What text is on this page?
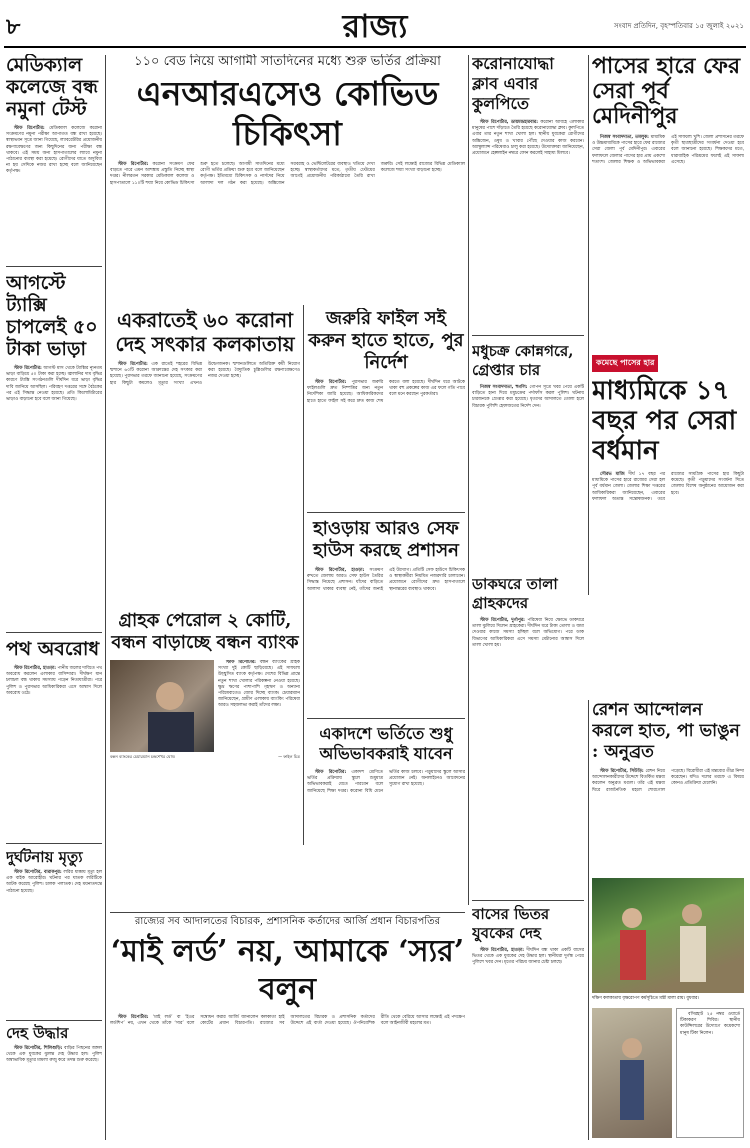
৮	রাজ্য	সংবাদ প্রতিদিন, বৃহস্পতিবার ১৫ জুলাই ২০২১
মেডিক্যাল কলেজে বন্ধ নমুনা টেস্ট

স্টাফ রিপোর্টার: মেডিক্যাল কলেজে করোনা সংক্রমণের নমুনা পরীক্ষা আপাতত বন্ধ রাখা হয়েছে। স্বাস্থ্যভবন সূত্রে জানা গিয়েছে, ল্যাবরেটরির প্রয়োজনীয় রক্ষণাবেক্ষণের জন্য কিছুদিনের জন্য পরীক্ষা বন্ধ থাকবে। এই সময় অন্য হাসপাতালের ল্যাবে নমুনা পাঠানোর ব্যবস্থা করা হয়েছে। রোগীদের যাতে অসুবিধা না হয় সেদিকে নজর রাখা হচ্ছে বলে জানিয়েছেন কর্তৃপক্ষ।

আগস্টে ট্যাক্সি চাপলেই ৫০ টাকা ভাড়া

স্টাফ রিপোর্টার: আগস্ট মাস থেকে ট্যাক্সির ন্যূনতম ভাড়া বাড়িয়ে ৫০ টাকা করা হচ্ছে। জ্বালানির দাম বৃদ্ধির কারণে ট্যাক্সি সংগঠনগুলি দীর্ঘদিন ধরে ভাড়া বৃদ্ধির দাবি জানিয়ে আসছিল। পরিবহণ দপ্তরের সঙ্গে বৈঠকের পর এই সিদ্ধান্ত নেওয়া হয়েছে। প্রতি কিলোমিটারের ভাড়াও বাড়ানো হবে বলে জানা গিয়েছে।

পথ অবরোধ

স্টাফ রিপোর্টার, হাওড়া: পানীয় জলের দাবিতে পথ অবরোধ করলেন এলাকার বাসিন্দারা। দীর্ঘক্ষণ যান চলাচল বন্ধ থাকায় সমস্যায় পড়েন নিত্যযাত্রীরা। পরে পুলিশ ও পুরসভার আধিকারিকরা এসে আশ্বাস দিলে অবরোধ ওঠে।

দুর্ঘটনায় মৃত্যু

স্টাফ রিপোর্টার, বারাকপুর: লরির ধাক্কায় মৃত্যু হল এক বাইক আরোহীর। ঘটনার পর ঘাতক লরিটিকে আটক করেছে পুলিশ। চালক পলাতক। দেহ ময়নাতদন্তে পাঠানো হয়েছে।

দেহ উদ্ধার

স্টাফ রিপোর্টার, শিলিগুড়ি: বাড়ির পিছনের জঙ্গল থেকে এক যুবকের ঝুলন্ত দেহ উদ্ধার হল। পুলিশ অস্বাভাবিক মৃত্যুর মামলা রুজু করে তদন্ত শুরু করেছে।

১১০ বেড নিয়ে আগামী সাতদিনের মধ্যে শুরু ভর্তির প্রক্রিয়া
এনআরএসেও কোভিড চিকিৎসা

স্টাফ রিপোর্টার: করোনা সংক্রমণ ফের বাড়তে পারে এমন আশঙ্কায় প্রস্তুতি নিচ্ছে স্বাস্থ্য দপ্তর। নীলরতন সরকার মেডিক্যাল কলেজ ও হাসপাতালে ১১০টি শয্যা নিয়ে কোভিড চিকিৎসা শুরু হতে চলেছে। আগামী সাতদিনের মধ্যে রোগী ভর্তির প্রক্রিয়া শুরু হবে বলে জানিয়েছেন কর্তৃপক্ষ। ইতিমধ্যে চিকিৎসক ও নার্সদের নিয়ে আলাদা দল গঠন করা হয়েছে। অক্সিজেন সরবরাহ ও ভেন্টিলেটরের ব্যবস্থাও খতিয়ে দেখা হচ্ছে। স্বাস্থ্যকর্তাদের মতে, তৃতীয় ঢেউয়ের আগেই প্রয়োজনীয় পরিকাঠামো তৈরি রাখা জরুরি। সেই লক্ষ্যেই রাজ্যের বিভিন্ন মেডিক্যাল কলেজে শয্যা সংখ্যা বাড়ানো হচ্ছে।

করোনাযোদ্ধা ক্লাব এবার কুলপিতে

স্টাফ রিপোর্টার, ডায়মন্ডহারবার: করোনা আবহে এলাকার মানুষের পাশে দাঁড়াতে তৈরি হয়েছে করোনাযোদ্ধা ক্লাব। কুলপিতে এবার তার নতুন শাখা খোলা হল। স্থানীয় যুবকেরা রোগীদের অক্সিজেন, ওষুধ ও খাবার পৌঁছে দেওয়ার কাজ করবেন। অ্যাম্বুল্যান্স পরিষেবাও চালু করা হয়েছে। উদ্যোক্তারা জানিয়েছেন, প্রয়োজনে হেল্পলাইন নম্বরে ফোন করলেই সাহায্য মিলবে।

মধুচক্র কোন্নগরে, গ্রেপ্তার চার

নিজস্ব সংবাদদাতা, হুগলি: গোপন সূত্রে খবর পেয়ে একটি বাড়িতে হানা দিয়ে মধুচক্রের পর্দাফাঁস করল পুলিশ। ঘটনায় চারজনকে গ্রেপ্তার করা হয়েছে। ধৃতদের আদালতে তোলা হলে বিচারক পুলিশি হেফাজতের নির্দেশ দেন।

পাসের হারে ফের সেরা পূর্ব মেদিনীপুর

নিজস্ব সংবাদদাতা, তমলুক: মাধ্যমিক ও উচ্চমাধ্যমিকে পাসের হারে ফের রাজ্যের সেরা জেলা পূর্ব মেদিনীপুর। এবারের ফলাফলে জেলার পাসের হার প্রায় একশো শতাংশ। জেলার শিক্ষক ও অভিভাবকরা এই সাফল্যে খুশি। জেলা প্রশাসনের তরফে কৃতী ছাত্রছাত্রীদের সংবর্ধনা দেওয়া হবে বলে জানানো হয়েছে। শিক্ষকদের মতে, ধারাবাহিক পরিশ্রমের ফলেই এই সাফল্য এসেছে।

কমেছে পাসের হার
মাধ্যমিকে ১৭ বছর পর সেরা বর্ধমান

সৌরভ মাজি দীর্ঘ ১৭ বছর পর মাধ্যমিকে পাসের হারে রাজ্যের সেরা হল পূর্ব বর্ধমান জেলা। জেলার শিক্ষা দপ্তরের আধিকারিকরা জানিয়েছেন, এবারের ফলাফল অত্যন্ত সন্তোষজনক। তবে রাজ্যের সামগ্রিক পাসের হার কিছুটা কমেছে। কৃতী পড়ুয়াদের সংবর্ধনা দিতে জেলায় বিশেষ অনুষ্ঠানের আয়োজন করা হবে।

একরাতেই ৬০ করোনা দেহ সৎকার কলকাতায়

স্টাফ রিপোর্টার: এক রাতেই শহরের বিভিন্ন শ্মশানে ৬০টি করোনা আক্রান্তের দেহ সৎকার করা হয়েছে। পুরসভার তরফে জানানো হয়েছে, সংক্রমণের হার কিছুটা কমলেও মৃত্যুর সংখ্যা এখনও উদ্বেগজনক। শ্মশানগুলিতে অতিরিক্ত কর্মী নিয়োগ করা হয়েছে। বৈদ্যুতিক চুল্লিগুলির রক্ষণাবেক্ষণেও নজর দেওয়া হচ্ছে।

জরুরি ফাইল সই করুন হাতে হাতে, পুর নির্দেশ

স্টাফ রিপোর্টার: পুরসভার জরুরি ফাইলগুলি দ্রুত নিষ্পত্তির জন্য নতুন নির্দেশিকা জারি হয়েছে। আধিকারিকদের হাতে হাতে ফাইল সই করে দ্রুত কাজ শেষ করতে বলা হয়েছে। দীর্ঘদিন ধরে আটকে থাকা বহু প্রকল্পের কাজ এর ফলে গতি পাবে বলে মনে করছেন পুরকর্তারা।

হাওড়ায় আরও সেফ হাউস করছে প্রশাসন

স্টাফ রিপোর্টার, হাওড়া: সংক্রমণ রুখতে জেলায় আরও সেফ হাউস তৈরির সিদ্ধান্ত নিয়েছে প্রশাসন। যাঁদের বাড়িতে আলাদা থাকার ব্যবস্থা নেই, তাঁদের জন্যই এই উদ্যোগ। প্রতিটি সেফ হাউসে চিকিৎসক ও স্বাস্থ্যকর্মীরা নিয়মিত নজরদারি চালাবেন। প্রয়োজনে রোগীদের দ্রুত হাসপাতালে স্থানান্তরের ব্যবস্থাও থাকবে।

একাদশে ভর্তিতে শুধু অভিভাবকরাই যাবেন

স্টাফ রিপোর্টার: একাদশ শ্রেণিতে ভর্তির প্রক্রিয়ায় স্কুলে শুধুমাত্র অভিভাবকরাই যেতে পারবেন বলে জানিয়েছে শিক্ষা দপ্তর। করোনা বিধি মেনে ভর্তির কাজ চলবে। পড়ুয়াদের স্কুলে আসার প্রয়োজন নেই। অনলাইনেও আবেদনের সুযোগ রাখা হয়েছে।

গ্রাহক পেরোল ২ কোটি, বন্ধন বাড়াচ্ছে বন্ধন ব্যাংক
বন্ধন ব্যাংকের চেয়ারম্যান চন্দ্রশেখর ঘোষ।	— ফাইল চিত্র

স্টাফ রিপোর্টার: বন্ধন ব্যাংকের গ্রাহক সংখ্যা দুই কোটি ছাড়িয়েছে। এই সাফল্যে উচ্ছ্বসিত ব্যাংক কর্তৃপক্ষ। দেশের বিভিন্ন প্রান্তে নতুন শাখা খোলার পরিকল্পনা নেওয়া হয়েছে। ক্ষুদ্র ঋণের পাশাপাশি গৃহঋণ ও অন্যান্য পরিষেবাতেও জোর দিচ্ছে ব্যাংক। চেয়ারম্যান জানিয়েছেন, গ্রামীণ এলাকায় ব্যাংকিং পরিষেবা আরও সহজলভ্য করাই তাঁদের লক্ষ্য।

ডাকঘরে তালা গ্রাহকদের

স্টাফ রিপোর্টার, দুর্গাপুর: পরিষেবা নিয়ে ক্ষোভে ডাকঘরে তালা ঝুলিয়ে দিলেন গ্রাহকেরা। দীর্ঘদিন ধরে টাকা তোলা ও জমা দেওয়ার কাজে সমস্যা হচ্ছিল বলে অভিযোগ। পরে ডাক বিভাগের আধিকারিকরা এসে সমস্যা মেটানোর আশ্বাস দিলে তালা খোলা হয়।

বাসের ভিতর যুবকের দেহ

স্টাফ রিপোর্টার, হাওড়া: দীর্ঘদিন বন্ধ থাকা একটি বাসের ভিতর থেকে এক যুবকের দেহ উদ্ধার হল। স্থানীয়রা দুর্গন্ধ পেয়ে পুলিশে খবর দেন। মৃতের পরিচয় জানার চেষ্টা চলছে।

রেশন আন্দোলন করলে হাত, পা ভাঙুন : অনুব্রত

স্টাফ রিপোর্টার, সিউড়ি: রেশন নিয়ে আন্দোলনকারীদের উদ্দেশে বিতর্কিত মন্তব্য করলেন অনুব্রত মণ্ডল। তাঁর এই মন্তব্য ঘিরে রাজনৈতিক মহলে শোরগোল পড়েছে। বিরোধীরা এই মন্তব্যের তীব্র নিন্দা করেছেন। যদিও দলের তরফে এ বিষয়ে কোনও প্রতিক্রিয়া মেলেনি।

দক্ষিণ কলকাতায় বৃক্ষরোপণ কর্মসূচিতে মন্ত্রী মালা রায়। বুধবার।

বসিরহাট ২৫ নম্বর ওয়ার্ডে টিকাকরণ শিবির। স্থানীয় কাউন্সিলরের উদ্যোগে কয়েকশো মানুষ টিকা নিলেন।

রাজ্যের সব আদালতের বিচারক, প্রশাসনিক কর্তাদের আর্জি প্রধান বিচারপতির
‘মাই লর্ড’ নয়, আমাকে ‘স্যর’ বলুন

স্টাফ রিপোর্টার: ‘মাই লর্ড’ বা ‘ইওর লর্ডশিপ’ নয়, এখন থেকে তাঁকে ‘স্যর’ বলে সম্বোধন করার আর্জি জানালেন কলকাতা হাই কোর্টের প্রধান বিচারপতি। রাজ্যের সব আদালতের বিচারক ও প্রশাসনিক কর্তাদের উদ্দেশে এই বার্তা দেওয়া হয়েছে। ঔপনিবেশিক রীতি থেকে বেরিয়ে আসার লক্ষ্যেই এই পদক্ষেপ বলে আইনজীবী মহলের মত।
